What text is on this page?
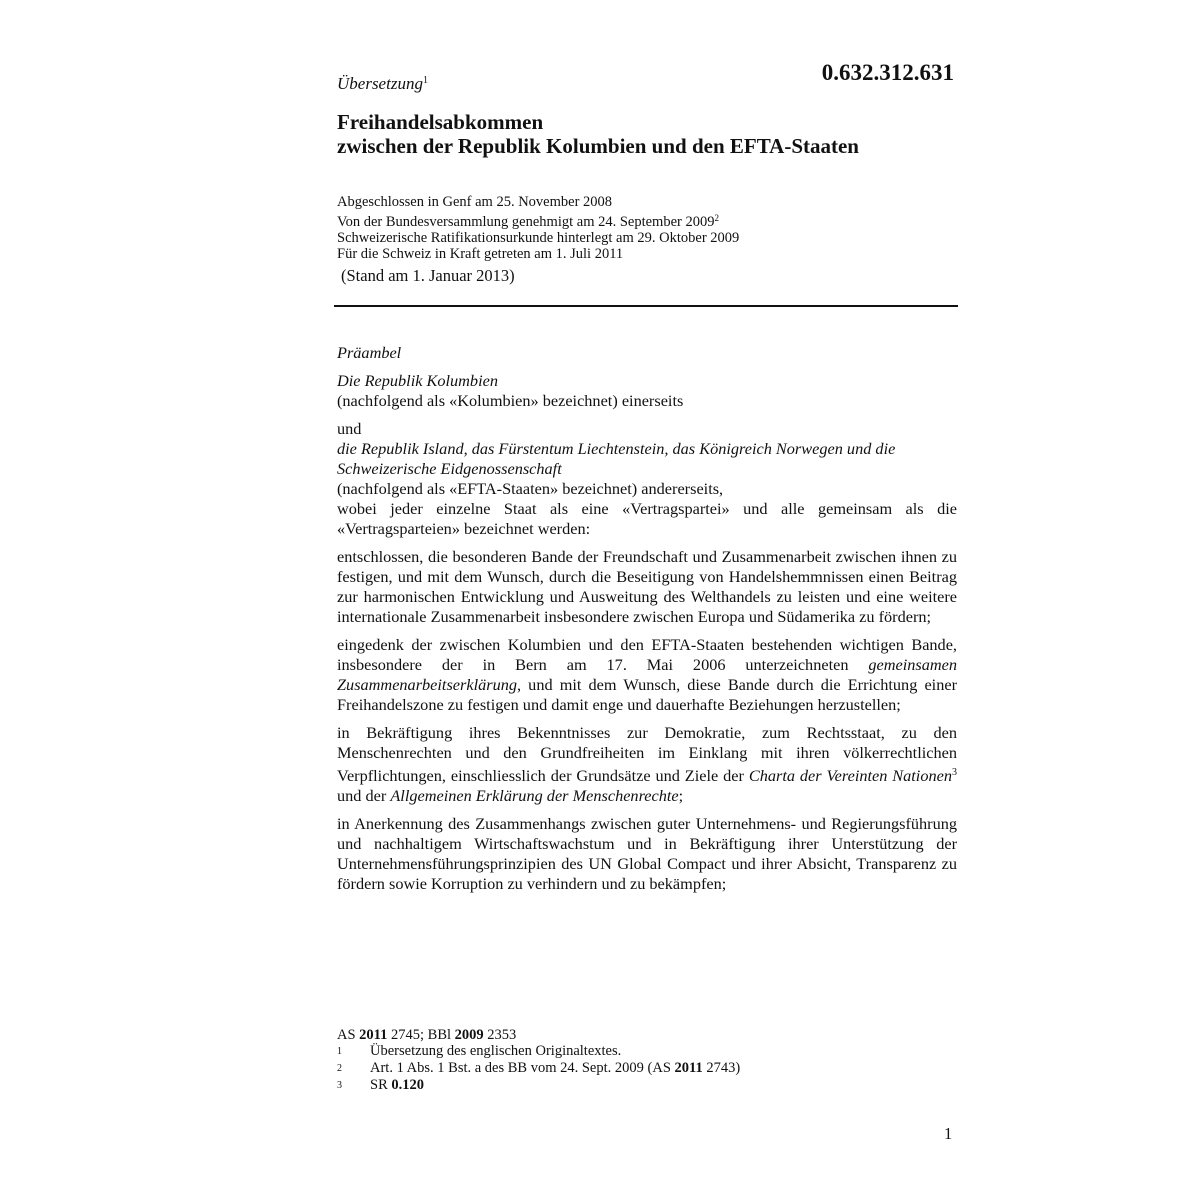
Übersetzung$^1$	0.632.312.631
Freihandelsabkommen
zwischen der Republik Kolumbien und den EFTA-Staaten
Abgeschlossen in Genf am 25. November 2008
Von der Bundesversammlung genehmigt am 24. September 2009$^2$
Schweizerische Ratifikationsurkunde hinterlegt am 29. Oktober 2009
Für die Schweiz in Kraft getreten am 1. Juli 2011
(Stand am 1. Januar 2013)

Präambel

Die Republik Kolumbien

(nachfolgend als «Kolumbien» bezeichnet) einerseits

und

die Republik Island, das Fürstentum Liechtenstein, das Königreich Norwegen und die Schweizerische Eidgenossenschaft

(nachfolgend als «EFTA-Staaten» bezeichnet) andererseits,

wobei jeder einzelne Staat als eine «Vertragspartei» und alle gemeinsam als die «Vertragsparteien» bezeichnet werden:

entschlossen, die besonderen Bande der Freundschaft und Zusammenarbeit zwischen ihnen zu festigen, und mit dem Wunsch, durch die Beseitigung von Handelshemmnissen einen Beitrag zur harmonischen Entwicklung und Ausweitung des Welthandels zu leisten und eine weitere internationale Zusammenarbeit insbesondere zwischen Europa und Südamerika zu fördern;

eingedenk der zwischen Kolumbien und den EFTA-Staaten bestehenden wichtigen Bande, insbesondere der in Bern am 17. Mai 2006 unterzeichneten gemeinsamen Zusammenarbeitserklärung, und mit dem Wunsch, diese Bande durch die Errichtung einer Freihandelszone zu festigen und damit enge und dauerhafte Beziehungen herzustellen;

in Bekräftigung ihres Bekenntnisses zur Demokratie, zum Rechtsstaat, zu den Menschenrechten und den Grundfreiheiten im Einklang mit ihren völkerrechtlichen Verpflichtungen, einschliesslich der Grundsätze und Ziele der Charta der Vereinten Nationen$^3$ und der Allgemeinen Erklärung der Menschenrechte;

in Anerkennung des Zusammenhangs zwischen guter Unternehmens- und Regierungsführung und nachhaltigem Wirtschaftswachstum und in Bekräftigung ihrer Unterstützung der Unternehmensführungsprinzipien des UN Global Compact und ihrer Absicht, Transparenz zu fördern sowie Korruption zu verhindern und zu bekämpfen;

AS 2011 2745; BBl 2009 2353
1	Übersetzung des englischen Originaltextes.
2	Art. 1 Abs. 1 Bst. a des BB vom 24. Sept. 2009 (AS 2011 2743)
3	SR 0.120
1
